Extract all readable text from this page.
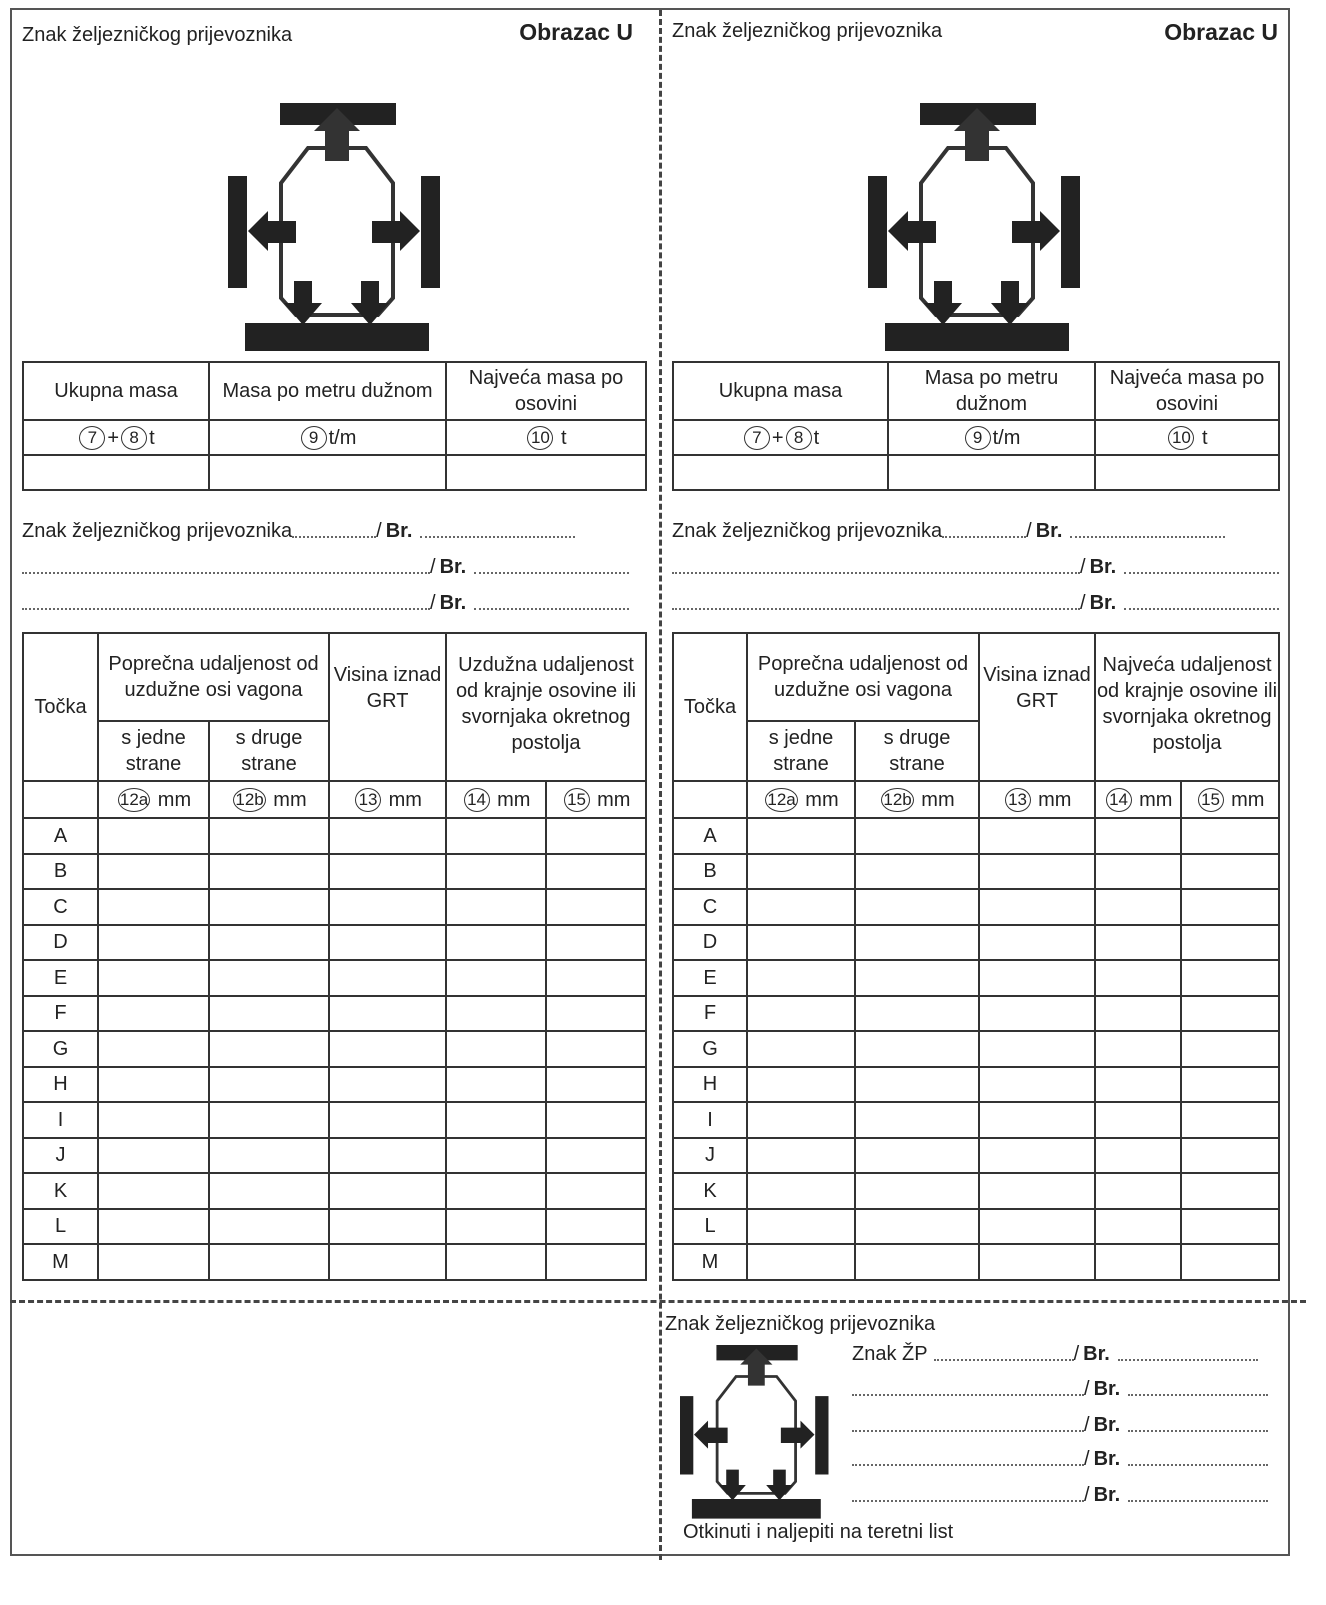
Znak željezničkog prijevoznika	Obrazac U
Ukupna masa	Masa po metru dužnom	Najveća masa po osovini
7 + 8 t	9 t/m	10 t

Znak željezničkog prijevoznika	/ Br.
/ Br.
/ Br.
Točka	Poprečna udaljenost od uzdužne osi vagona		Visina iznad GRT	Uzdužna udaljenost od krajnje osovine ili svornjaka okretnog postolja	
	s jedne strane	s druge strane			
	12a mm	12b mm	13 mm	14 mm	15 mm
A					
B					
C					
D					
E					
F					
G					
H					
I					
J					
K					
L					
M					
Znak željezničkog prijevoznika	Obrazac U
Ukupna masa	Masa po metru dužnom	Najveća masa po osovini
7 + 8 t	9 t/m	10 t

Znak željezničkog prijevoznika	/ Br.
/ Br.
/ Br.
Točka	Poprečna udaljenost od uzdužne osi vagona		Visina iznad GRT	Najveća udaljenost od krajnje osovine ili svornjaka okretnog postolja	
	s jedne strane	s druge strane			
	12a mm	12b mm	13 mm	14 mm	15 mm
A					
B					
C					
D					
E					
F					
G					
H					
I					
J					
K					
L					
M					
Znak željezničkog prijevoznika
Znak ŽP	/ Br.
/ Br.
/ Br.
/ Br.
/ Br.
Otkinuti i naljepiti na teretni list
